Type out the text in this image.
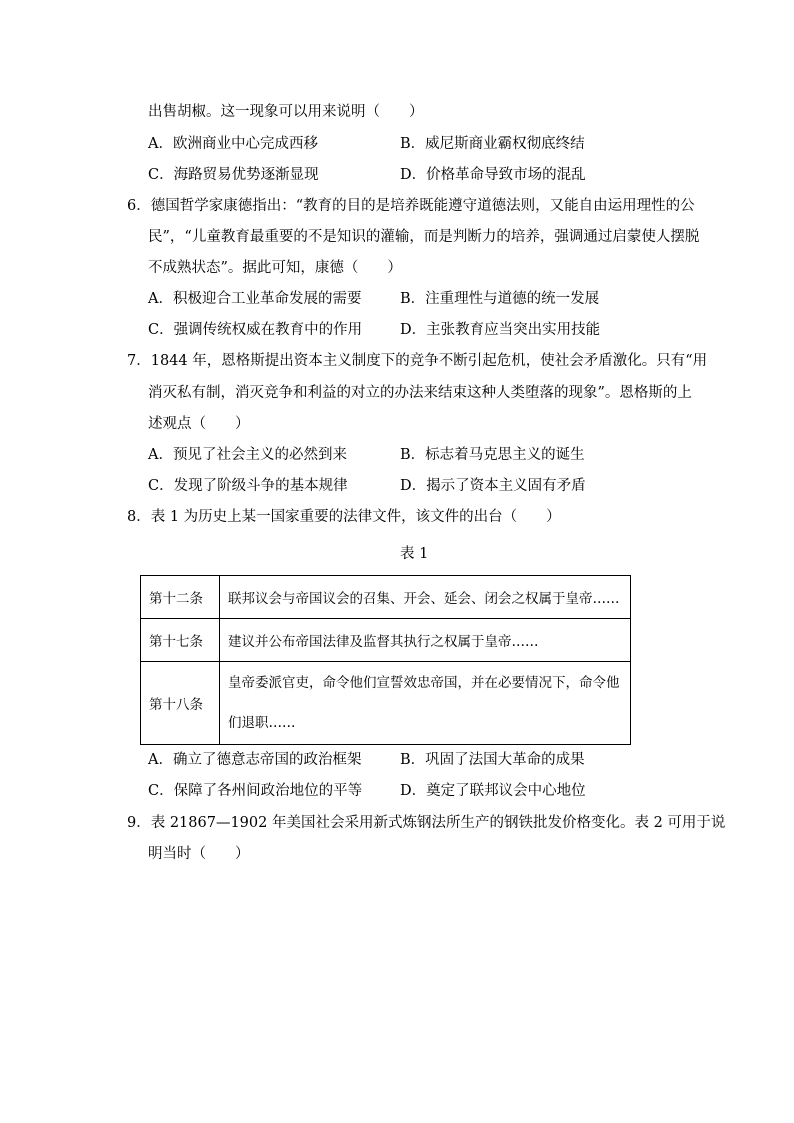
出售胡椒。这一现象可以用来说明（　　）

A．欧洲商业中心完成西移	B．威尼斯商业霸权彻底终结
C．海路贸易优势逐渐显现	D．价格革命导致市场的混乱

6．德国哲学家康德指出：“教育的目的是培养既能遵守道德法则，又能自由运用理性的公

民”，“儿童教育最重要的不是知识的灌输，而是判断力的培养，强调通过启蒙使人摆脱

不成熟状态”。据此可知，康德（　　）

A．积极迎合工业革命发展的需要	B．注重理性与道德的统一发展
C．强调传统权威在教育中的作用	D．主张教育应当突出实用技能

7．1844 年，恩格斯提出资本主义制度下的竞争不断引起危机，使社会矛盾激化。只有“用

消灭私有制，消灭竞争和利益的对立的办法来结束这种人类堕落的现象”。恩格斯的上

述观点（　　）

A．预见了社会主义的必然到来	B．标志着马克思主义的诞生
C．发现了阶级斗争的基本规律	D．揭示了资本主义固有矛盾

8．表 1 为历史上某一国家重要的法律文件，该文件的出台（　　）

表 1
第十二条	联邦议会与帝国议会的召集、开会、延会、闭会之权属于皇帝……
第十七条	建议并公布帝国法律及监督其执行之权属于皇帝……
第十八条	皇帝委派官吏，命令他们宣誓效忠帝国，并在必要情况下，命令他们退职……
A．确立了德意志帝国的政治框架	B．巩固了法国大革命的成果
C．保障了各州间政治地位的平等	D．奠定了联邦议会中心地位

9．表 21867—1902 年美国社会采用新式炼钢法所生产的钢铁批发价格变化。表 2 可用于说

明当时（　　）
